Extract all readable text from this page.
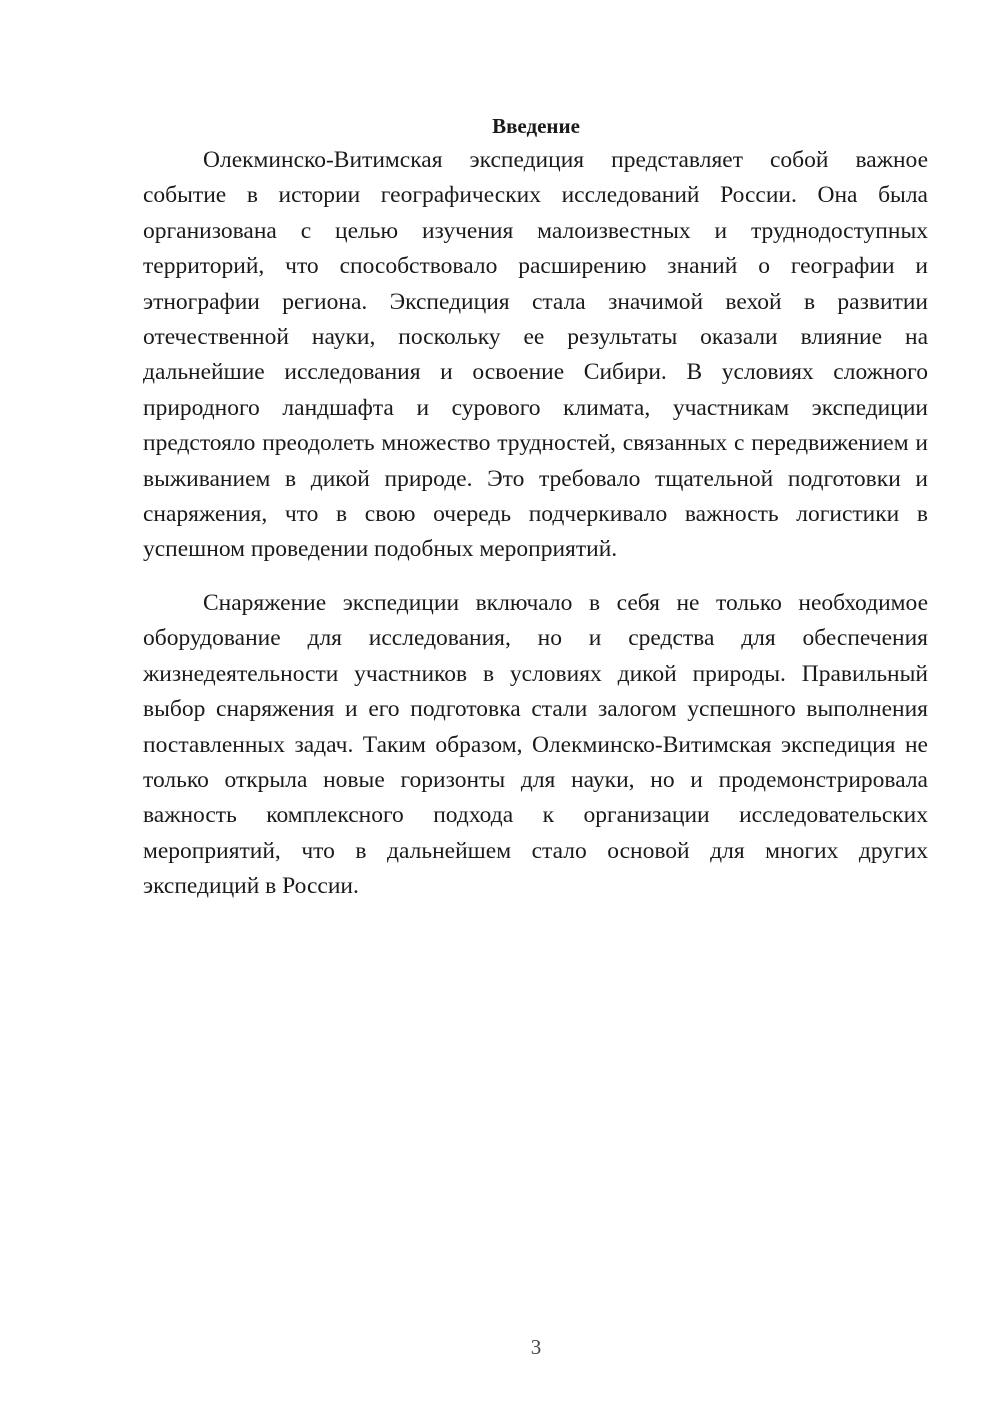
Введение

Олекминско-Витимская экспедиция представляет собой важное событие в истории географических исследований России. Она была организована с целью изучения малоизвестных и труднодоступных территорий, что способствовало расширению знаний о географии и этнографии региона. Экспедиция стала значимой вехой в развитии отечественной науки, поскольку ее результаты оказали влияние на дальнейшие исследования и освоение Сибири. В условиях сложного природного ландшафта и сурового климата, участникам экспедиции предстояло преодолеть множество трудностей, связанных с передвижением и выживанием в дикой природе. Это требовало тщательной подготовки и снаряжения, что в свою очередь подчеркивало важность логистики в успешном проведении подобных мероприятий.

Снаряжение экспедиции включало в себя не только необходимое оборудование для исследования, но и средства для обеспечения жизнедеятельности участников в условиях дикой природы. Правильный выбор снаряжения и его подготовка стали залогом успешного выполнения поставленных задач. Таким образом, Олекминско-Витимская экспедиция не только открыла новые горизонты для науки, но и продемонстрировала важность комплексного подхода к организации исследовательских мероприятий, что в дальнейшем стало основой для многих других экспедиций в России.

3
